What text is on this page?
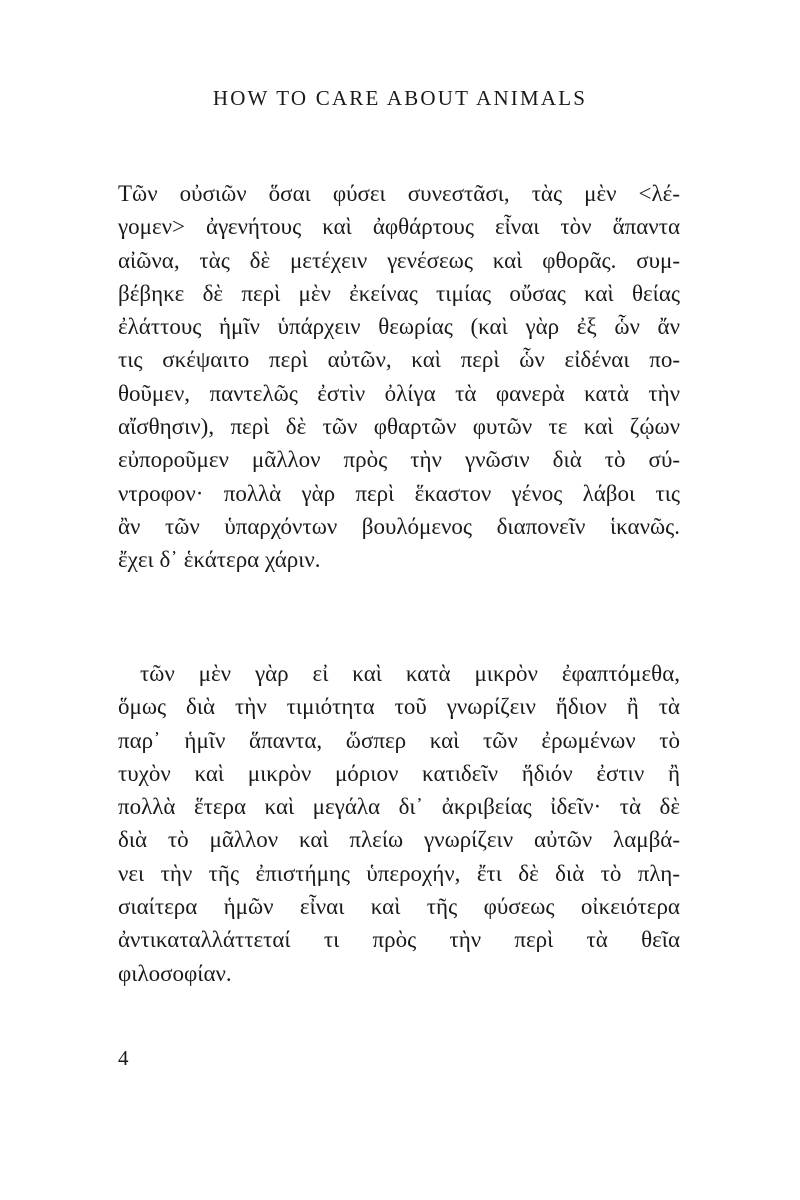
HOW TO CARE ABOUT ANIMALS
Τῶν οὐσιῶν ὅσαι φύσει συνεστᾶσι, τὰς μὲν <λέ-
γομεν> ἀγενήτους καὶ ἀφθάρτους εἶναι τὸν ἅπαντα
αἰῶνα, τὰς δὲ μετέχειν γενέσεως καὶ φθορᾶς. συμ-
βέβηκε δὲ περὶ μὲν ἐκείνας τιμίας οὔσας καὶ θείας
ἐλάττους ἡμῖν ὑπάρχειν θεωρίας (καὶ γὰρ ἐξ ὧν ἄν
τις σκέψαιτο περὶ αὐτῶν, καὶ περὶ ὧν εἰδέναι πο-
θοῦμεν, παντελῶς ἐστὶν ὀλίγα τὰ φανερὰ κατὰ τὴν
αἴσθησιν), περὶ δὲ τῶν φθαρτῶν φυτῶν τε καὶ ζῴων
εὐποροῦμεν μᾶλλον πρὸς τὴν γνῶσιν διὰ τὸ σύ-
ντροφον· πολλὰ γὰρ περὶ ἕκαστον γένος λάβοι τις
ἂν τῶν ὑπαρχόντων βουλόμενος διαπονεῖν ἱκανῶς.
ἔχει δ᾽ ἑκάτερα χάριν.
τῶν μὲν γὰρ εἰ καὶ κατὰ μικρὸν ἐφαπτόμεθα,
ὅμως διὰ τὴν τιμιότητα τοῦ γνωρίζειν ἥδιον ἢ τὰ
παρ᾽ ἡμῖν ἅπαντα, ὥσπερ καὶ τῶν ἐρωμένων τὸ
τυχὸν καὶ μικρὸν μόριον κατιδεῖν ἥδιόν ἐστιν ἢ
πολλὰ ἕτερα καὶ μεγάλα δι᾽ ἀκριβείας ἰδεῖν· τὰ δὲ
διὰ τὸ μᾶλλον καὶ πλείω γνωρίζειν αὐτῶν λαμβά-
νει τὴν τῆς ἐπιστήμης ὑπεροχήν, ἔτι δὲ διὰ τὸ πλη-
σιαίτερα ἡμῶν εἶναι καὶ τῆς φύσεως οἰκειότερα
ἀντικαταλλάττεταί τι πρὸς τὴν περὶ τὰ θεῖα
φιλοσοφίαν.
4
